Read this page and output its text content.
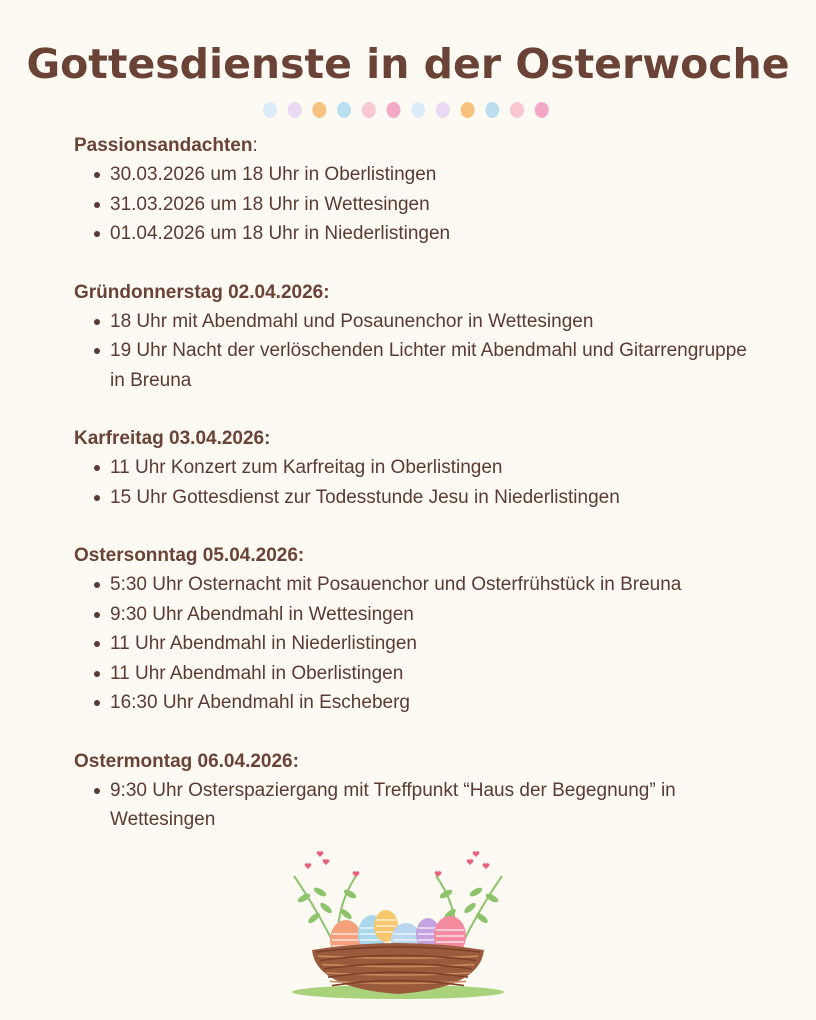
Gottesdienste in der Osterwoche
Passionsandachten:
30.03.2026 um 18 Uhr in Oberlistingen
31.03.2026 um 18 Uhr in Wettesingen
01.04.2026 um 18 Uhr in Niederlistingen
Gründonnerstag 02.04.2026:
18 Uhr mit Abendmahl und Posaunenchor in Wettesingen
19 Uhr Nacht der verlöschenden Lichter mit Abendmahl und Gitarrengruppe in Breuna
Karfreitag 03.04.2026:
11 Uhr Konzert zum Karfreitag in Oberlistingen
15 Uhr Gottesdienst zur Todesstunde Jesu in Niederlistingen
Ostersonntag 05.04.2026:
5:30 Uhr Osternacht mit Posauenchor und Osterfrühstück in Breuna
9:30 Uhr Abendmahl in Wettesingen
11 Uhr Abendmahl in Niederlistingen
11 Uhr Abendmahl in Oberlistingen
16:30 Uhr Abendmahl in Escheberg
Ostermontag 06.04.2026:
9:30 Uhr Osterspaziergang mit Treffpunkt “Haus der Begegnung” in Wettesingen
